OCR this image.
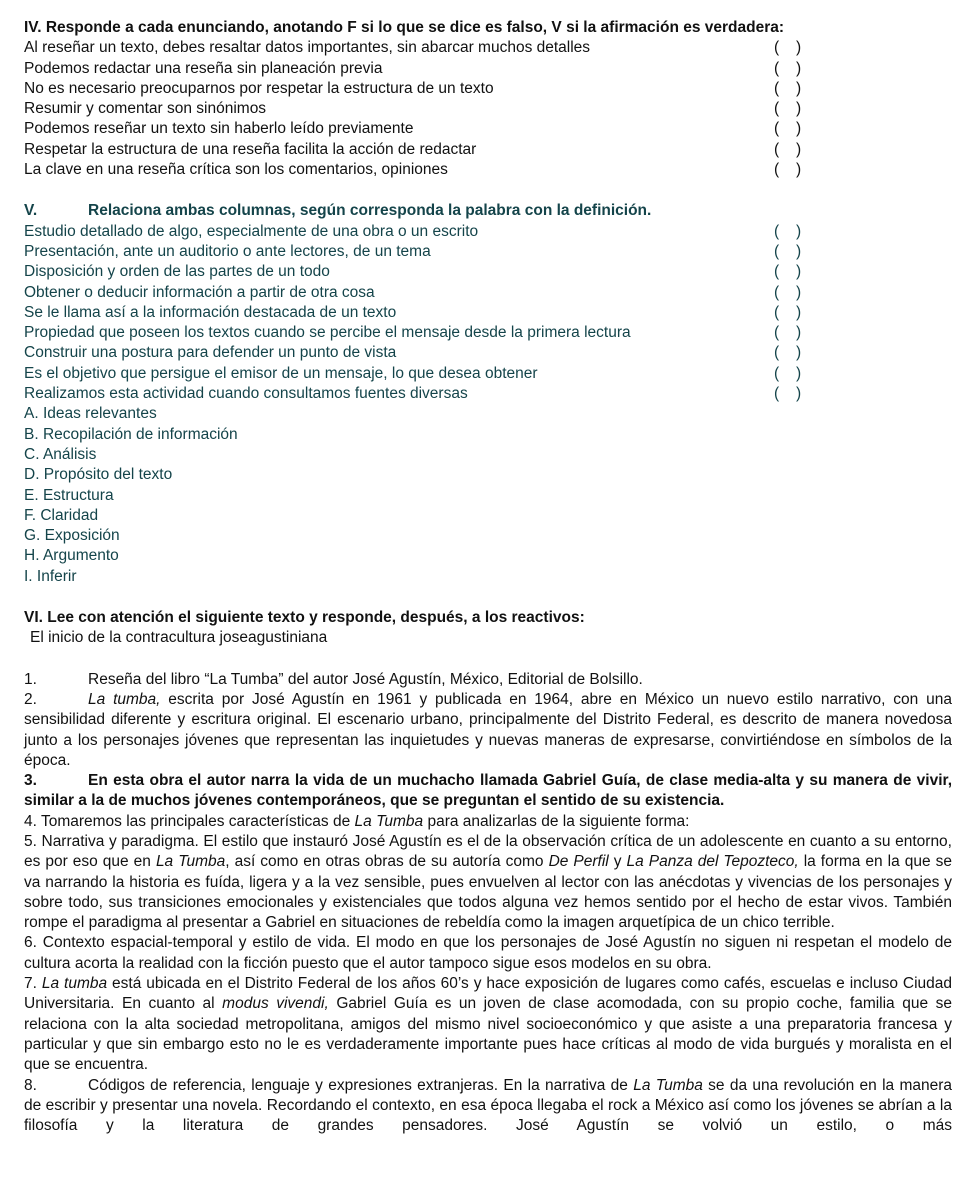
IV. Responde a cada enunciando, anotando F si lo que se dice es falso, V si la afirmación es verdadera:
Al reseñar un texto, debes resaltar datos importantes, sin abarcar muchos detalles	( )
Podemos redactar una reseña sin planeación previa	( )
No es necesario preocuparnos por respetar la estructura de un texto	( )
Resumir y comentar son sinónimos	( )
Podemos reseñar un texto sin haberlo leído previamente	( )
Respetar la estructura de una reseña facilita la acción de redactar	( )
La clave en una reseña crítica son los comentarios, opiniones	( )
V.	Relaciona ambas columnas, según corresponda la palabra con la definición.
Estudio detallado de algo, especialmente de una obra o un escrito	( )
Presentación, ante un auditorio o ante lectores, de un tema	( )
Disposición y orden de las partes de un todo	( )
Obtener o deducir información a partir de otra cosa	( )
Se le llama así a la información destacada de un texto	( )
Propiedad que poseen los textos cuando se percibe el mensaje desde la primera lectura	( )
Construir una postura para defender un punto de vista	( )
Es el objetivo que persigue el emisor de un mensaje, lo que desea obtener	( )
Realizamos esta actividad cuando consultamos fuentes diversas	( )
A. Ideas relevantes
B. Recopilación de información
C. Análisis
D. Propósito del texto
E. Estructura
F. Claridad
G. Exposición
H. Argumento
I. Inferir
VI. Lee con atención el siguiente texto y responde, después, a los reactivos:
El inicio de la contracultura joseagustiniana

1.	Reseña del libro “La Tumba” del autor José Agustín, México, Editorial de Bolsillo.

2.	La tumba, escrita por José Agustín en 1961 y publicada en 1964, abre en México un nuevo estilo narrativo, con una sensibilidad diferente y escritura original. El escenario urbano, principalmente del Distrito Federal, es descrito de manera novedosa junto a los personajes jóvenes que representan las inquietudes y nuevas maneras de expresarse, convirtiéndose en símbolos de la época.

3.	En esta obra el autor narra la vida de un muchacho llamada Gabriel Guía, de clase media-alta y su manera de vivir, similar a la de muchos jóvenes contemporáneos, que se preguntan el sentido de su existencia.

4. Tomaremos las principales características de La Tumba para analizarlas de la siguiente forma:

5. Narrativa y paradigma. El estilo que instauró José Agustín es el de la observación crítica de un adolescente en cuanto a su entorno, es por eso que en La Tumba, así como en otras obras de su autoría como De Perfil y La Panza del Tepozteco, la forma en la que se va narrando la historia es fuída, ligera y a la vez sensible, pues envuelven al lector con las anécdotas y vivencias de los personajes y sobre todo, sus transiciones emocionales y existenciales que todos alguna vez hemos sentido por el hecho de estar vivos. También rompe el paradigma al presentar a Gabriel en situaciones de rebeldía como la imagen arquetípica de un chico terrible.

6. Contexto espacial-temporal y estilo de vida. El modo en que los personajes de José Agustín no siguen ni respetan el modelo de cultura acorta la realidad con la ficción puesto que el autor tampoco sigue esos modelos en su obra.

7. La tumba está ubicada en el Distrito Federal de los años 60’s y hace exposición de lugares como cafés, escuelas e incluso Ciudad Universitaria. En cuanto al modus vivendi, Gabriel Guía es un joven de clase acomodada, con su propio coche, familia que se relaciona con la alta sociedad metropolitana, amigos del mismo nivel socioeconómico y que asiste a una preparatoria francesa y particular y que sin embargo esto no le es verdaderamente importante pues hace críticas al modo de vida burgués y moralista en el que se encuentra.

8.	Códigos de referencia, lenguaje y expresiones extranjeras. En la narrativa de La Tumba se da una revolución en la manera de escribir y presentar una novela. Recordando el contexto, en esa época llegaba el rock a México así como los jóvenes se abrían a la filosofía y la literatura de grandes pensadores. José Agustín se volvió un estilo, o más
